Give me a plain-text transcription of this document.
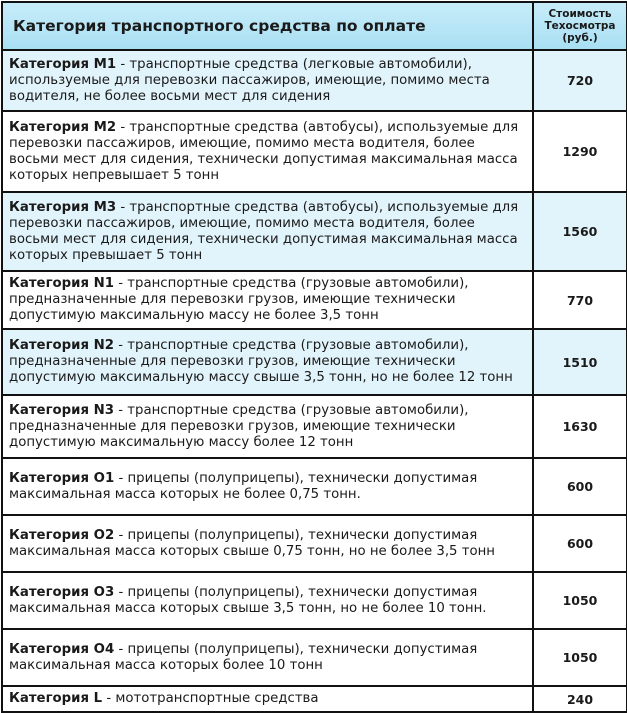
Категория транспортного средства по оплате	Стоимость
Техосмотра
(руб.)

Категория M1 - транспортные средства (легковые автомобили), используемые для перевозки пассажиров, имеющие, помимо места водителя, не более восьми мест для сидения	720
Категория M2 - транспортные средства (автобусы), используемые для перевозки пассажиров, имеющие, помимо места водителя, более восьми мест для сидения, технически допустимая максимальная масса которых непревышает 5 тонн	1290
Категория M3 - транспортные средства (автобусы), используемые для перевозки пассажиров, имеющие, помимо места водителя, более восьми мест для сидения, технически допустимая максимальная масса которых превышает 5 тонн	1560
Категория N1 - транспортные средства (грузовые автомобили), предназначенные для перевозки грузов, имеющие технически допустимую максимальную массу не более 3,5 тонн	770
Категория N2 - транспортные средства (грузовые автомобили), предназначенные для перевозки грузов, имеющие технически допустимую максимальную массу свыше 3,5 тонн, но не более 12 тонн	1510
Категория N3 - транспортные средства (грузовые автомобили), предназначенные для перевозки грузов, имеющие технически допустимую максимальную массу более 12 тонн	1630
Категория O1 - прицепы (полуприцепы), технически допустимая максимальная масса которых не более 0,75 тонн.	600
Категория O2 - прицепы (полуприцепы), технически допустимая максимальная масса которых свыше 0,75 тонн, но не более 3,5 тонн	600
Категория O3 - прицепы (полуприцепы), технически допустимая максимальная масса которых свыше 3,5 тонн, но не более 10 тонн.	1050
Категория O4 - прицепы (полуприцепы), технически допустимая максимальная масса которых более 10 тонн	1050
Категория L - мототранспортные средства	240
